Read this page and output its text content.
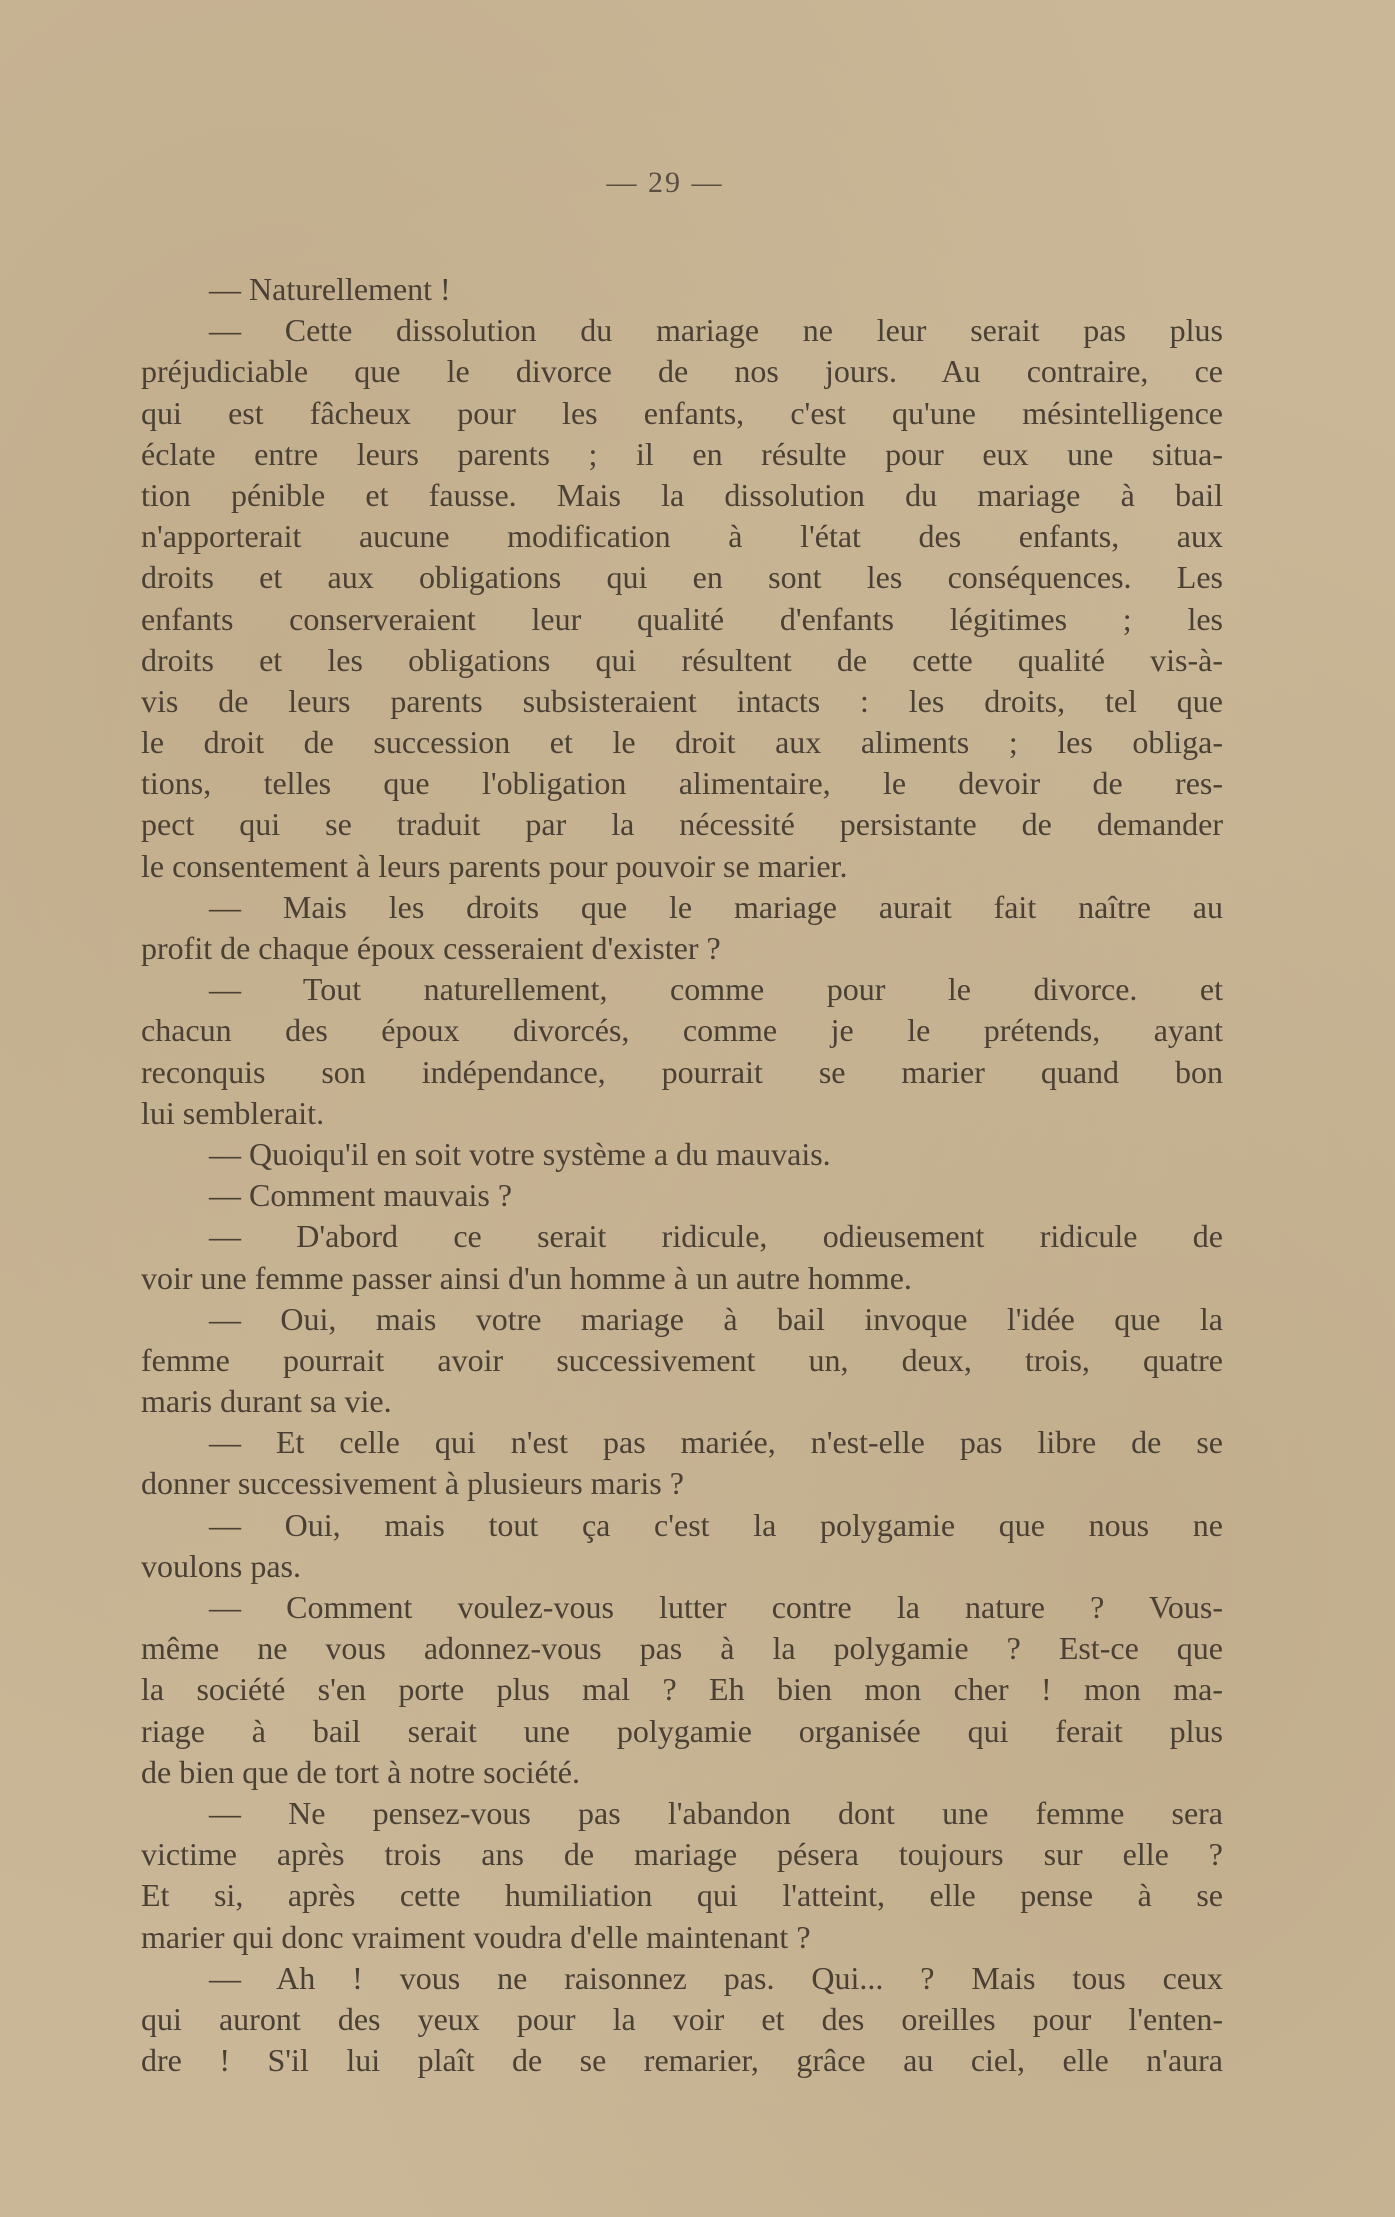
— 29 —
— Naturellement !
— Cette dissolution du mariage ne leur serait pas plus
préjudiciable que le divorce de nos jours. Au contraire, ce
qui est fâcheux pour les enfants, c'est qu'une mésintelligence
éclate entre leurs parents ; il en résulte pour eux une situa-
tion pénible et fausse. Mais la dissolution du mariage à bail
n'apporterait aucune modification à l'état des enfants, aux
droits et aux obligations qui en sont les conséquences. Les
enfants conserveraient leur qualité d'enfants légitimes ; les
droits et les obligations qui résultent de cette qualité vis-à-
vis de leurs parents subsisteraient intacts : les droits, tel que
le droit de succession et le droit aux aliments ; les obliga-
tions, telles que l'obligation alimentaire, le devoir de res-
pect qui se traduit par la nécessité persistante de demander
le consentement à leurs parents pour pouvoir se marier.
— Mais les droits que le mariage aurait fait naître au
profit de chaque époux cesseraient d'exister ?
— Tout naturellement, comme pour le divorce. et
chacun des époux divorcés, comme je le prétends, ayant
reconquis son indépendance, pourrait se marier quand bon
lui semblerait.
— Quoiqu'il en soit votre système a du mauvais.
— Comment mauvais ?
— D'abord ce serait ridicule, odieusement ridicule de
voir une femme passer ainsi d'un homme à un autre homme.
— Oui, mais votre mariage à bail invoque l'idée que la
femme pourrait avoir successivement un, deux, trois, quatre
maris durant sa vie.
— Et celle qui n'est pas mariée, n'est-elle pas libre de se
donner successivement à plusieurs maris ?
— Oui, mais tout ça c'est la polygamie que nous ne
voulons pas.
— Comment voulez-vous lutter contre la nature ? Vous-
même ne vous adonnez-vous pas à la polygamie ? Est-ce que
la société s'en porte plus mal ? Eh bien mon cher ! mon ma-
riage à bail serait une polygamie organisée qui ferait plus
de bien que de tort à notre société.
— Ne pensez-vous pas l'abandon dont une femme sera
victime après trois ans de mariage pésera toujours sur elle ?
Et si, après cette humiliation qui l'atteint, elle pense à se
marier qui donc vraiment voudra d'elle maintenant ?
— Ah ! vous ne raisonnez pas. Qui... ? Mais tous ceux
qui auront des yeux pour la voir et des oreilles pour l'enten-
dre ! S'il lui plaît de se remarier, grâce au ciel, elle n'aura
